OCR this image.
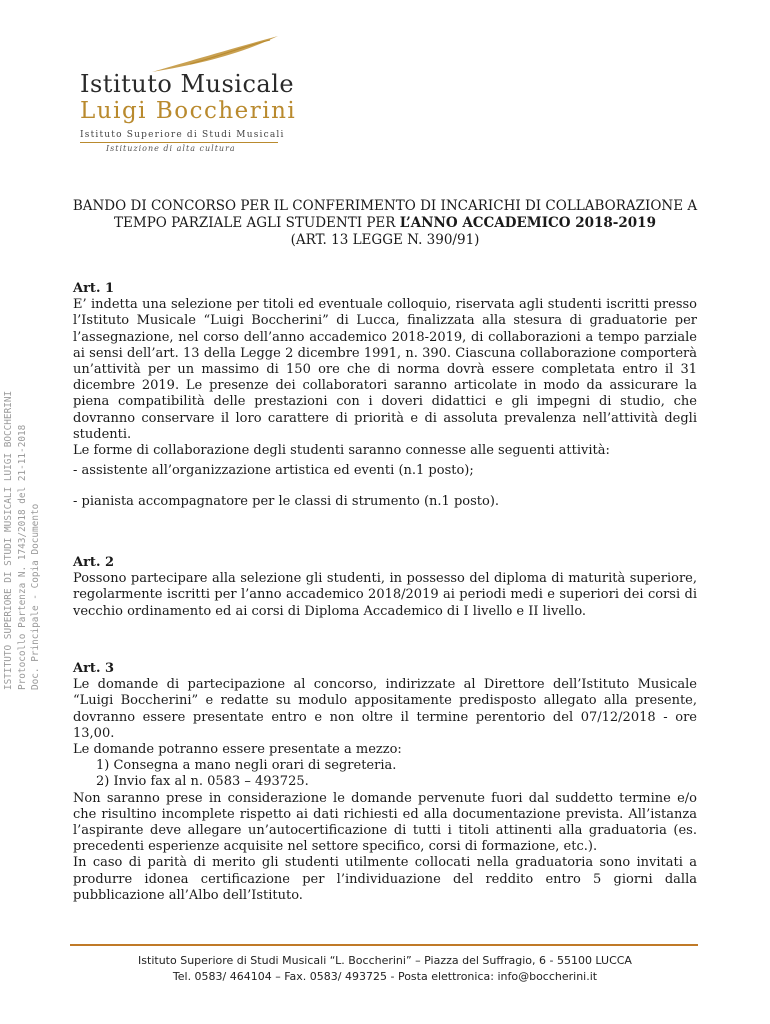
Istituto Musicale
Luigi Boccherini
Istituto Superiore di Studi Musicali
Istituzione di alta cultura
ISTITUTO SUPERIORE DI STUDI MUSICALI LUIGI BOCCHERINI Protocollo Partenza N. 1743/2018 del 21-11-2018 Doc. Principale - Copia Documento
BANDO DI CONCORSO PER IL CONFERIMENTO DI INCARICHI DI COLLABORAZIONE A
TEMPO PARZIALE AGLI STUDENTI PER L’ANNO ACCADEMICO 2018-2019
(ART. 13 LEGGE N. 390/91)
Art. 1
E’ indetta una selezione per titoli ed eventuale colloquio, riservata agli studenti iscritti presso l’Istituto Musicale “Luigi Boccherini” di Lucca, finalizzata alla stesura di graduatorie per l’assegnazione, nel corso dell’anno accademico 2018-2019, di collaborazioni a tempo parziale ai sensi dell’art. 13 della Legge 2 dicembre 1991, n. 390. Ciascuna collaborazione comporterà un’attività per un massimo di 150 ore che di norma dovrà essere completata entro il 31 dicembre 2019. Le presenze dei collaboratori saranno articolate in modo da assicurare la piena compatibilità delle prestazioni con i doveri didattici e gli impegni di studio, che dovranno conservare il loro carattere di priorità e di assoluta prevalenza nell’attività degli studenti.
Le forme di collaborazione degli studenti saranno connesse alle seguenti attività:
- assistente all’organizzazione artistica ed eventi (n.1 posto);
- pianista accompagnatore per le classi di strumento (n.1 posto).
Art. 2
Possono partecipare alla selezione gli studenti, in possesso del diploma di maturità superiore, regolarmente iscritti per l’anno accademico 2018/2019 ai periodi medi e superiori dei corsi di vecchio ordinamento ed ai corsi di Diploma Accademico di I livello e II livello.
Art. 3
Le domande di partecipazione al concorso, indirizzate al Direttore dell’Istituto Musicale “Luigi Boccherini” e redatte su modulo appositamente predisposto allegato alla presente, dovranno essere presentate entro e non oltre il termine perentorio del 07/12/2018 - ore 13,00.
Le domande potranno essere presentate a mezzo:
1) Consegna a mano negli orari di segreteria.
2) Invio fax al n. 0583 – 493725.
Non saranno prese in considerazione le domande pervenute fuori dal suddetto termine e/o che risultino incomplete rispetto ai dati richiesti ed alla documentazione prevista. All’istanza l’aspirante deve allegare un’autocertificazione di tutti i titoli attinenti alla graduatoria (es. precedenti esperienze acquisite nel settore specifico, corsi di formazione, etc.).
In caso di parità di merito gli studenti utilmente collocati nella graduatoria sono invitati a produrre idonea certificazione per l’individuazione del reddito entro 5 giorni dalla pubblicazione all’Albo dell’Istituto.
Istituto Superiore di Studi Musicali “L. Boccherini” – Piazza del Suffragio, 6 - 55100 LUCCA
Tel. 0583/ 464104 – Fax. 0583/ 493725 - Posta elettronica: info@boccherini.it
